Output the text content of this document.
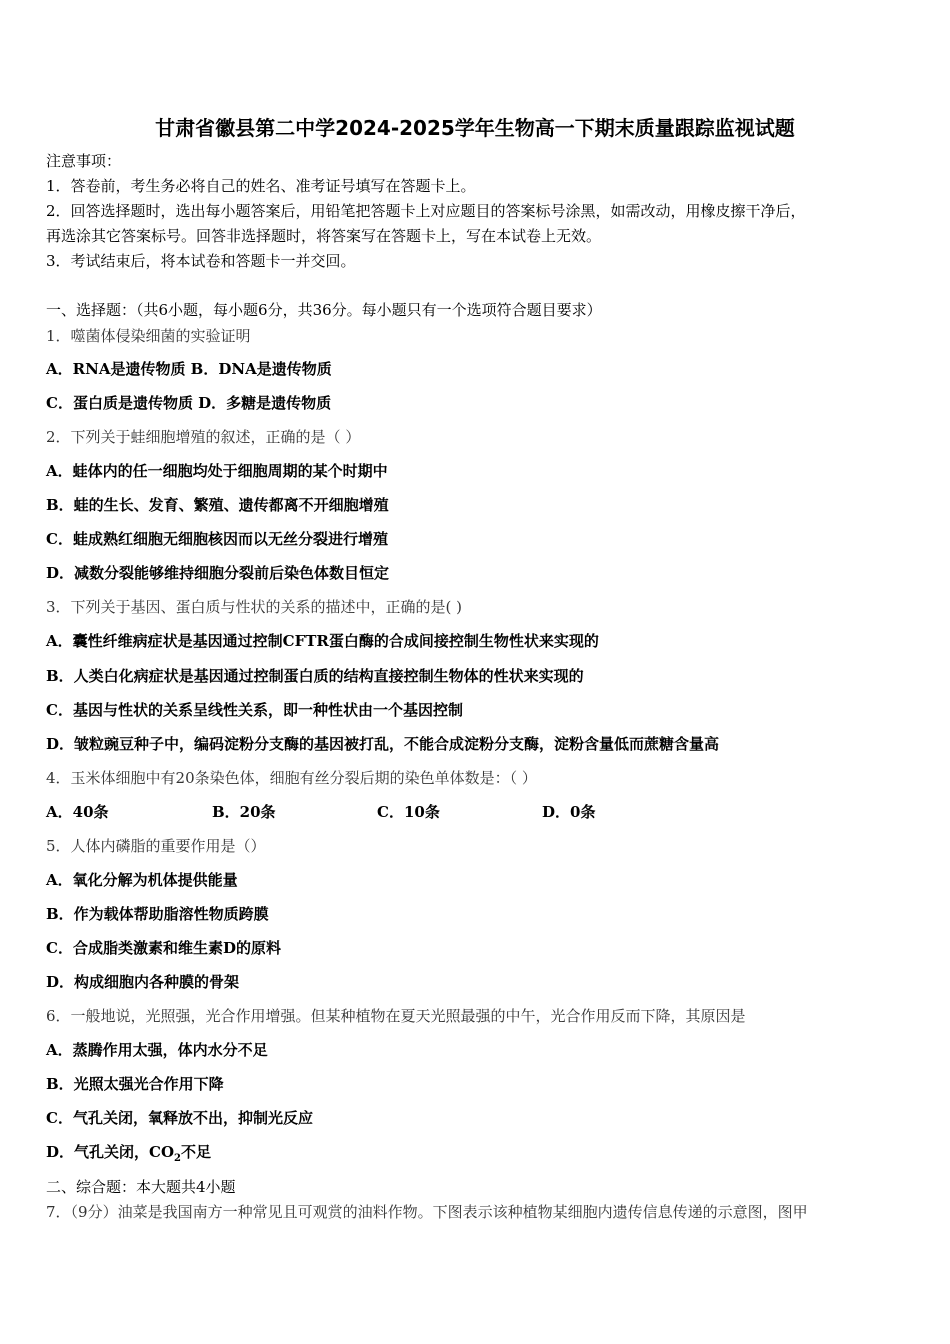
甘肃省徽县第二中学2024-2025学年生物高一下期末质量跟踪监视试题
注意事项：
1．答卷前，考生务必将自己的姓名、准考证号填写在答题卡上。
2．回答选择题时，选出每小题答案后，用铅笔把答题卡上对应题目的答案标号涂黑，如需改动，用橡皮擦干净后，
再选涂其它答案标号。回答非选择题时，将答案写在答题卡上，写在本试卷上无效。
3．考试结束后，将本试卷和答题卡一并交回。
一、选择题：（共6小题，每小题6分，共36分。每小题只有一个选项符合题目要求）
1．噬菌体侵染细菌的实验证明
A．RNA是遗传物质 B．DNA是遗传物质
C．蛋白质是遗传物质 D．多糖是遗传物质
2．下列关于蛙细胞增殖的叙述，正确的是（ ）
A．蛙体内的任一细胞均处于细胞周期的某个时期中
B．蛙的生长、发育、繁殖、遗传都离不开细胞增殖
C．蛙成熟红细胞无细胞核因而以无丝分裂进行增殖
D．减数分裂能够维持细胞分裂前后染色体数目恒定
3．下列关于基因、蛋白质与性状的关系的描述中，正确的是( )
A．囊性纤维病症状是基因通过控制CFTR蛋白酶的合成间接控制生物性状来实现的
B．人类白化病症状是基因通过控制蛋白质的结构直接控制生物体的性状来实现的
C．基因与性状的关系呈线性关系，即一种性状由一个基因控制
D．皱粒豌豆种子中，编码淀粉分支酶的基因被打乱，不能合成淀粉分支酶，淀粉含量低而蔗糖含量高
4．玉米体细胞中有20条染色体，细胞有丝分裂后期的染色单体数是：（ ）
A．40条	B．20条	C．10条	D．0条
5．人体内磷脂的重要作用是（）
A．氧化分解为机体提供能量
B．作为载体帮助脂溶性物质跨膜
C．合成脂类激素和维生素D的原料
D．构成细胞内各种膜的骨架
6．一般地说，光照强，光合作用增强。但某种植物在夏天光照最强的中午，光合作用反而下降，其原因是
A．蒸腾作用太强，体内水分不足
B．光照太强光合作用下降
C．气孔关闭，氧释放不出，抑制光反应
D．气孔关闭，$CO_2$不足
二、综合题：本大题共4小题
7．（9分）油菜是我国南方一种常见且可观赏的油料作物。下图表示该种植物某细胞内遗传信息传递的示意图，图甲
